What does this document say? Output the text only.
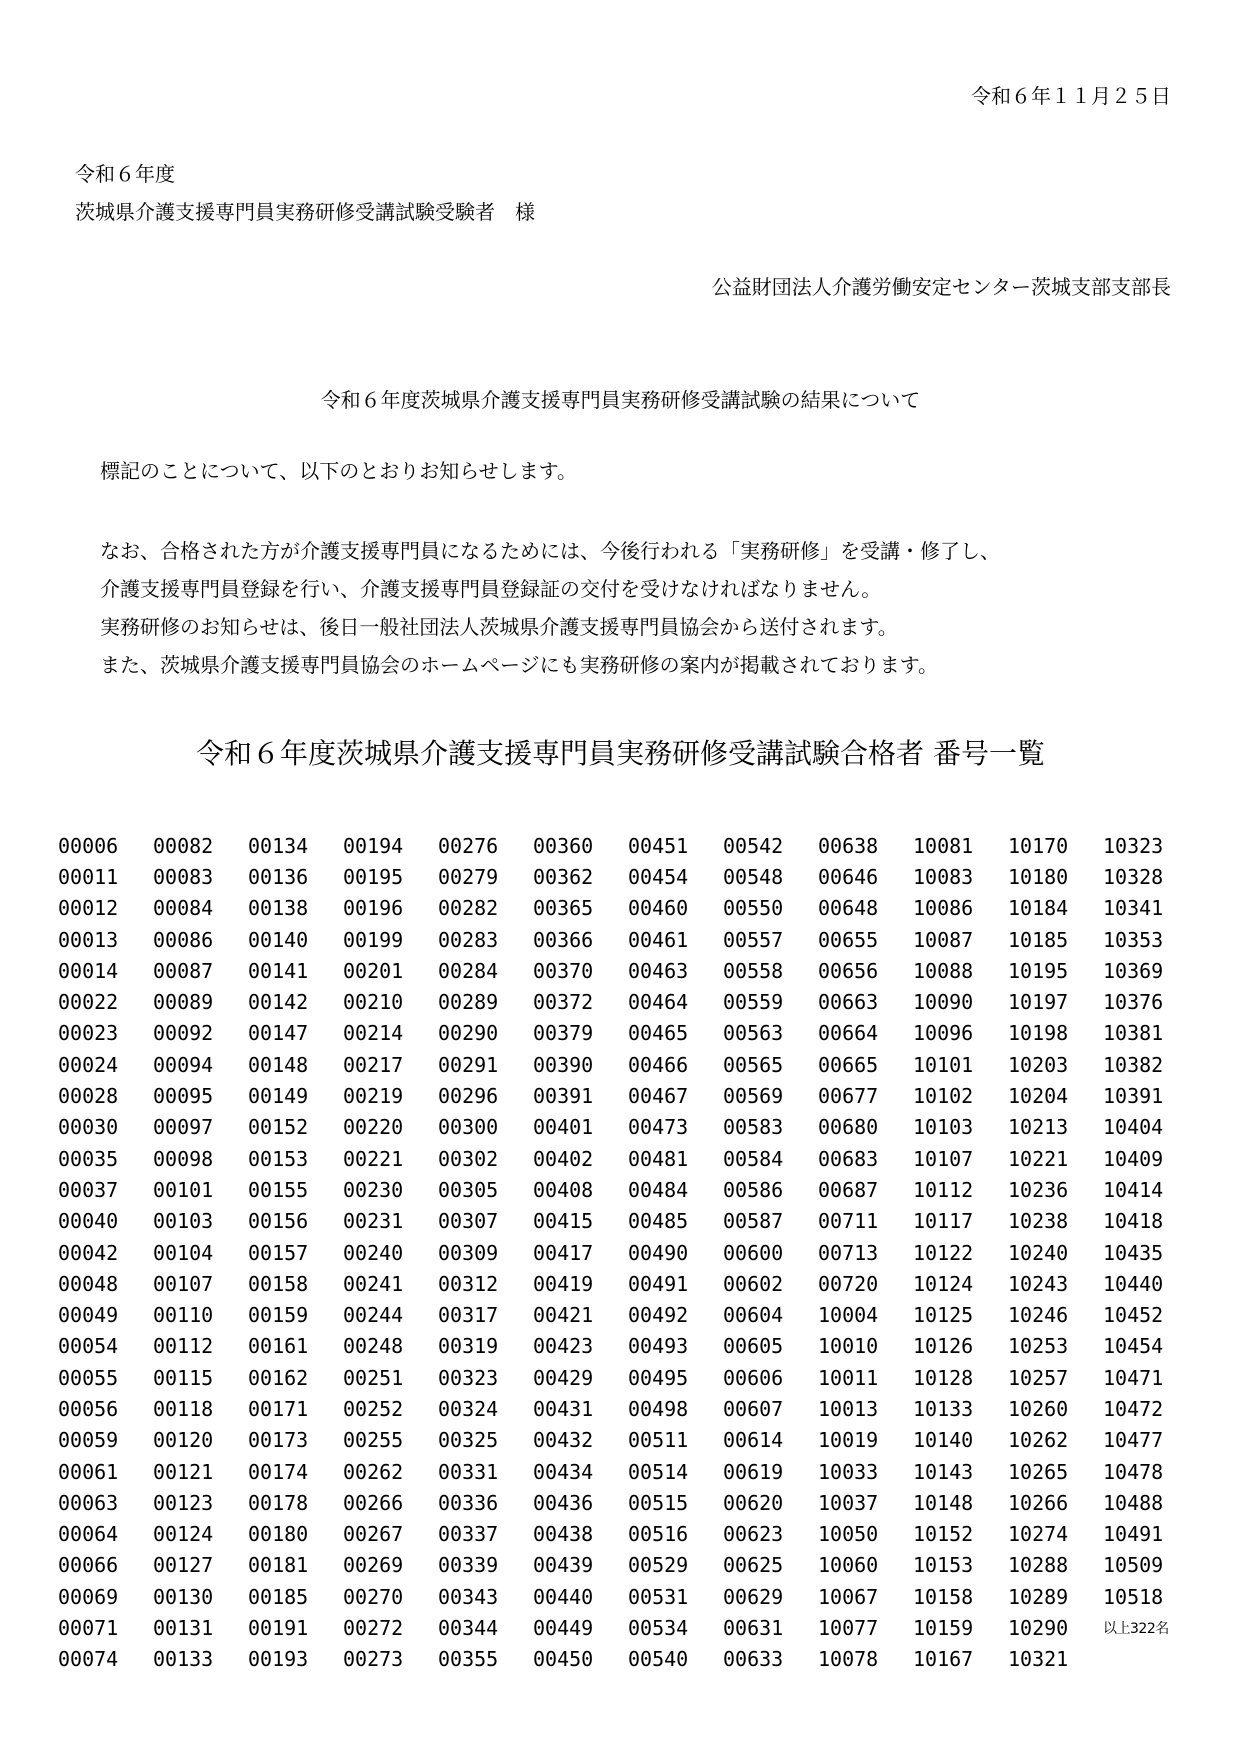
令和６年１１月２５日
令和６年度
茨城県介護支援専門員実務研修受講試験受験者　様
公益財団法人介護労働安定センター茨城支部支部長
令和６年度茨城県介護支援専門員実務研修受講試験の結果について
標記のことについて、以下のとおりお知らせします。
なお、合格された方が介護支援専門員になるためには、今後行われる「実務研修」を受講・修了し、
介護支援専門員登録を行い、介護支援専門員登録証の交付を受けなければなりません。
実務研修のお知らせは、後日一般社団法人茨城県介護支援専門員協会から送付されます。
また、茨城県介護支援専門員協会のホームページにも実務研修の案内が掲載されております。
令和６年度茨城県介護支援専門員実務研修受講試験合格者 番号一覧
00006	00082	00134	00194	00276	00360	00451	00542	00638	10081	10170	10323
00011	00083	00136	00195	00279	00362	00454	00548	00646	10083	10180	10328
00012	00084	00138	00196	00282	00365	00460	00550	00648	10086	10184	10341
00013	00086	00140	00199	00283	00366	00461	00557	00655	10087	10185	10353
00014	00087	00141	00201	00284	00370	00463	00558	00656	10088	10195	10369
00022	00089	00142	00210	00289	00372	00464	00559	00663	10090	10197	10376
00023	00092	00147	00214	00290	00379	00465	00563	00664	10096	10198	10381
00024	00094	00148	00217	00291	00390	00466	00565	00665	10101	10203	10382
00028	00095	00149	00219	00296	00391	00467	00569	00677	10102	10204	10391
00030	00097	00152	00220	00300	00401	00473	00583	00680	10103	10213	10404
00035	00098	00153	00221	00302	00402	00481	00584	00683	10107	10221	10409
00037	00101	00155	00230	00305	00408	00484	00586	00687	10112	10236	10414
00040	00103	00156	00231	00307	00415	00485	00587	00711	10117	10238	10418
00042	00104	00157	00240	00309	00417	00490	00600	00713	10122	10240	10435
00048	00107	00158	00241	00312	00419	00491	00602	00720	10124	10243	10440
00049	00110	00159	00244	00317	00421	00492	00604	10004	10125	10246	10452
00054	00112	00161	00248	00319	00423	00493	00605	10010	10126	10253	10454
00055	00115	00162	00251	00323	00429	00495	00606	10011	10128	10257	10471
00056	00118	00171	00252	00324	00431	00498	00607	10013	10133	10260	10472
00059	00120	00173	00255	00325	00432	00511	00614	10019	10140	10262	10477
00061	00121	00174	00262	00331	00434	00514	00619	10033	10143	10265	10478
00063	00123	00178	00266	00336	00436	00515	00620	10037	10148	10266	10488
00064	00124	00180	00267	00337	00438	00516	00623	10050	10152	10274	10491
00066	00127	00181	00269	00339	00439	00529	00625	10060	10153	10288	10509
00069	00130	00185	00270	00343	00440	00531	00629	10067	10158	10289	10518
00071	00131	00191	00272	00344	00449	00534	00631	10077	10159	10290	以上322名
00074	00133	00193	00273	00355	00450	00540	00633	10078	10167	10321
